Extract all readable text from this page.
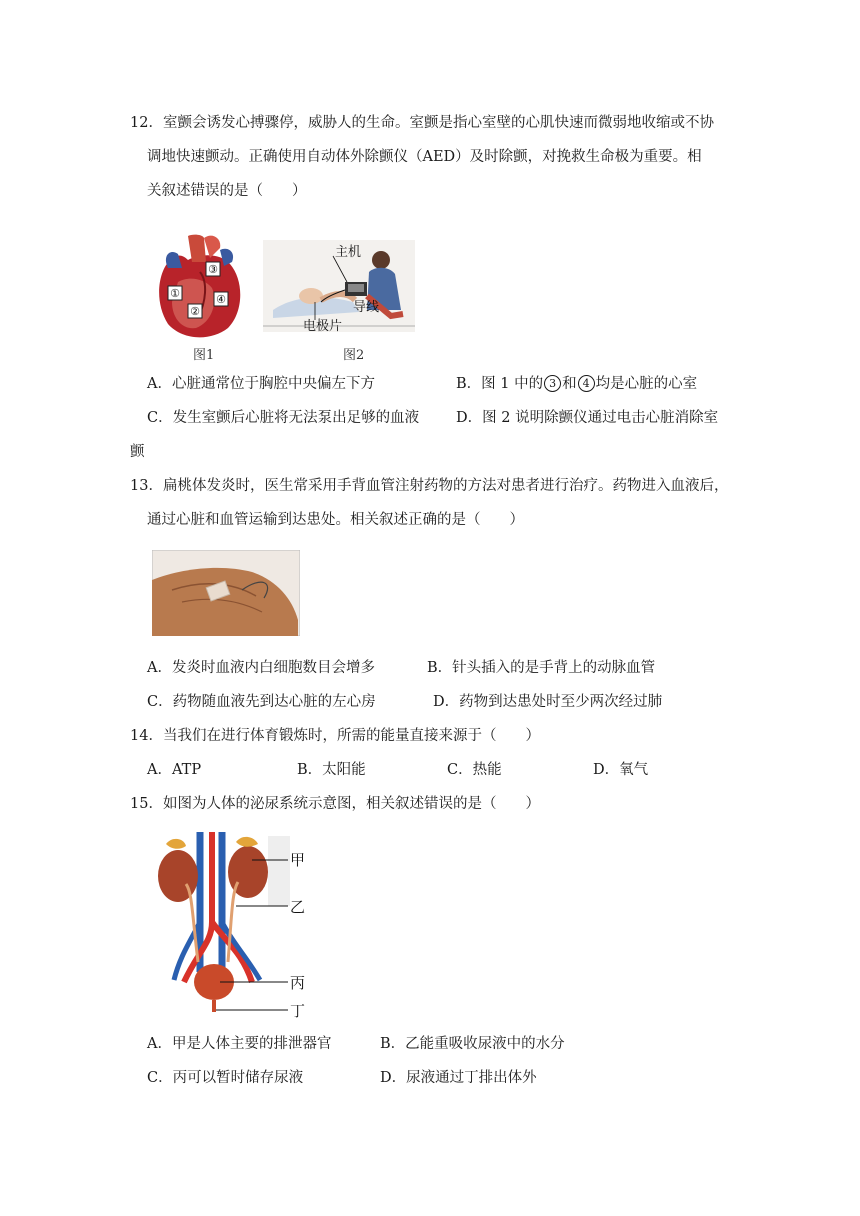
12．室颤会诱发心搏骤停，威胁人的生命。室颤是指心室壁的心肌快速而微弱地收缩或不协
调地快速颤动。正确使用自动体外除颤仪（AED）及时除颤，对挽救生命极为重要。相
关叙述错误的是（　　）
③
①	④
②
图1
主机
导线
电极片
图2
A．心脏通常位于胸腔中央偏左下方	B．图 1 中的 3 和 4 均是心脏的心室
C．发生室颤后心脏将无法泵出足够的血液	D．图 2 说明除颤仪通过电击心脏消除室
颤
13．扁桃体发炎时，医生常采用手背血管注射药物的方法对患者进行治疗。药物进入血液后，
通过心脏和血管运输到达患处。相关叙述正确的是（　　）
A．发炎时血液内白细胞数目会增多	B．针头插入的是手背上的动脉血管
C．药物随血液先到达心脏的左心房	D．药物到达患处时至少两次经过肺
14．当我们在进行体育锻炼时，所需的能量直接来源于（　　）
A．ATP	B．太阳能	C．热能	D．氧气
15．如图为人体的泌尿系统示意图，相关叙述错误的是（　　）
甲
乙
丙
丁
A．甲是人体主要的排泄器官	B．乙能重吸收尿液中的水分
C．丙可以暂时储存尿液	D．尿液通过丁排出体外
